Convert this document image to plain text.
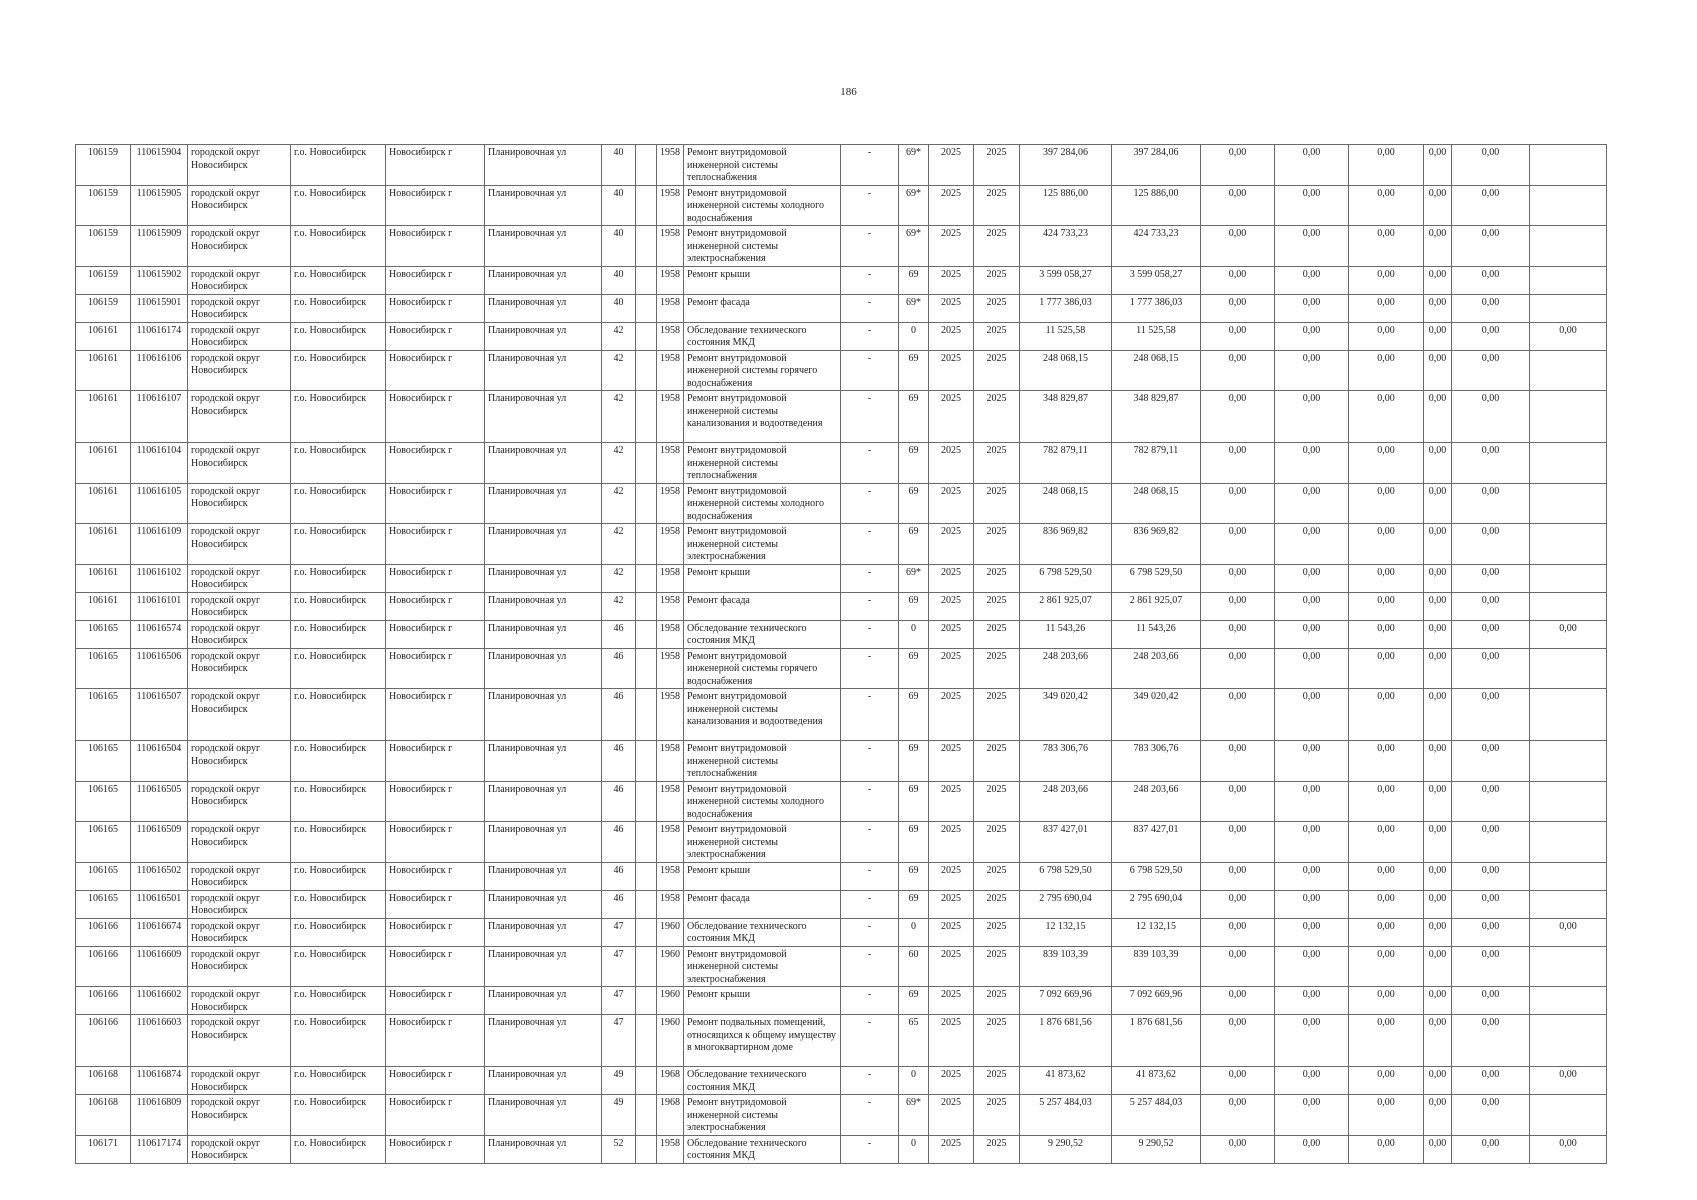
186
106159	110615904	городской округ Новосибирск	г.о. Новосибирск	Новосибирск г	Планировочная ул	40		1958	Ремонт внутридомовой инженерной системы теплоснабжения	-	69*	2025	2025	397 284,06	397 284,06	0,00	0,00	0,00	0,00	0,00	
106159	110615905	городской округ Новосибирск	г.о. Новосибирск	Новосибирск г	Планировочная ул	40		1958	Ремонт внутридомовой инженерной системы холодного водоснабжения	-	69*	2025	2025	125 886,00	125 886,00	0,00	0,00	0,00	0,00	0,00	
106159	110615909	городской округ Новосибирск	г.о. Новосибирск	Новосибирск г	Планировочная ул	40		1958	Ремонт внутридомовой инженерной системы электроснабжения	-	69*	2025	2025	424 733,23	424 733,23	0,00	0,00	0,00	0,00	0,00	
106159	110615902	городской округ Новосибирск	г.о. Новосибирск	Новосибирск г	Планировочная ул	40		1958	Ремонт крыши	-	69	2025	2025	3 599 058,27	3 599 058,27	0,00	0,00	0,00	0,00	0,00	
106159	110615901	городской округ Новосибирск	г.о. Новосибирск	Новосибирск г	Планировочная ул	40		1958	Ремонт фасада	-	69*	2025	2025	1 777 386,03	1 777 386,03	0,00	0,00	0,00	0,00	0,00	
106161	110616174	городской округ Новосибирск	г.о. Новосибирск	Новосибирск г	Планировочная ул	42		1958	Обследование технического состояния МКД	-	0	2025	2025	11 525,58	11 525,58	0,00	0,00	0,00	0,00	0,00	0,00
106161	110616106	городской округ Новосибирск	г.о. Новосибирск	Новосибирск г	Планировочная ул	42		1958	Ремонт внутридомовой инженерной системы горячего водоснабжения	-	69	2025	2025	248 068,15	248 068,15	0,00	0,00	0,00	0,00	0,00	
106161	110616107	городской округ Новосибирск	г.о. Новосибирск	Новосибирск г	Планировочная ул	42		1958	Ремонт внутридомовой инженерной системы канализования и водоотведения	-	69	2025	2025	348 829,87	348 829,87	0,00	0,00	0,00	0,00	0,00	
106161	110616104	городской округ Новосибирск	г.о. Новосибирск	Новосибирск г	Планировочная ул	42		1958	Ремонт внутридомовой инженерной системы теплоснабжения	-	69	2025	2025	782 879,11	782 879,11	0,00	0,00	0,00	0,00	0,00	
106161	110616105	городской округ Новосибирск	г.о. Новосибирск	Новосибирск г	Планировочная ул	42		1958	Ремонт внутридомовой инженерной системы холодного водоснабжения	-	69	2025	2025	248 068,15	248 068,15	0,00	0,00	0,00	0,00	0,00	
106161	110616109	городской округ Новосибирск	г.о. Новосибирск	Новосибирск г	Планировочная ул	42		1958	Ремонт внутридомовой инженерной системы электроснабжения	-	69	2025	2025	836 969,82	836 969,82	0,00	0,00	0,00	0,00	0,00	
106161	110616102	городской округ Новосибирск	г.о. Новосибирск	Новосибирск г	Планировочная ул	42		1958	Ремонт крыши	-	69*	2025	2025	6 798 529,50	6 798 529,50	0,00	0,00	0,00	0,00	0,00	
106161	110616101	городской округ Новосибирск	г.о. Новосибирск	Новосибирск г	Планировочная ул	42		1958	Ремонт фасада	-	69	2025	2025	2 861 925,07	2 861 925,07	0,00	0,00	0,00	0,00	0,00	
106165	110616574	городской округ Новосибирск	г.о. Новосибирск	Новосибирск г	Планировочная ул	46		1958	Обследование технического состояния МКД	-	0	2025	2025	11 543,26	11 543,26	0,00	0,00	0,00	0,00	0,00	0,00
106165	110616506	городской округ Новосибирск	г.о. Новосибирск	Новосибирск г	Планировочная ул	46		1958	Ремонт внутридомовой инженерной системы горячего водоснабжения	-	69	2025	2025	248 203,66	248 203,66	0,00	0,00	0,00	0,00	0,00	
106165	110616507	городской округ Новосибирск	г.о. Новосибирск	Новосибирск г	Планировочная ул	46		1958	Ремонт внутридомовой инженерной системы канализования и водоотведения	-	69	2025	2025	349 020,42	349 020,42	0,00	0,00	0,00	0,00	0,00	
106165	110616504	городской округ Новосибирск	г.о. Новосибирск	Новосибирск г	Планировочная ул	46		1958	Ремонт внутридомовой инженерной системы теплоснабжения	-	69	2025	2025	783 306,76	783 306,76	0,00	0,00	0,00	0,00	0,00	
106165	110616505	городской округ Новосибирск	г.о. Новосибирск	Новосибирск г	Планировочная ул	46		1958	Ремонт внутридомовой инженерной системы холодного водоснабжения	-	69	2025	2025	248 203,66	248 203,66	0,00	0,00	0,00	0,00	0,00	
106165	110616509	городской округ Новосибирск	г.о. Новосибирск	Новосибирск г	Планировочная ул	46		1958	Ремонт внутридомовой инженерной системы электроснабжения	-	69	2025	2025	837 427,01	837 427,01	0,00	0,00	0,00	0,00	0,00	
106165	110616502	городской округ Новосибирск	г.о. Новосибирск	Новосибирск г	Планировочная ул	46		1958	Ремонт крыши	-	69	2025	2025	6 798 529,50	6 798 529,50	0,00	0,00	0,00	0,00	0,00	
106165	110616501	городской округ Новосибирск	г.о. Новосибирск	Новосибирск г	Планировочная ул	46		1958	Ремонт фасада	-	69	2025	2025	2 795 690,04	2 795 690,04	0,00	0,00	0,00	0,00	0,00	
106166	110616674	городской округ Новосибирск	г.о. Новосибирск	Новосибирск г	Планировочная ул	47		1960	Обследование технического состояния МКД	-	0	2025	2025	12 132,15	12 132,15	0,00	0,00	0,00	0,00	0,00	0,00
106166	110616609	городской округ Новосибирск	г.о. Новосибирск	Новосибирск г	Планировочная ул	47		1960	Ремонт внутридомовой инженерной системы электроснабжения	-	60	2025	2025	839 103,39	839 103,39	0,00	0,00	0,00	0,00	0,00	
106166	110616602	городской округ Новосибирск	г.о. Новосибирск	Новосибирск г	Планировочная ул	47		1960	Ремонт крыши	-	69	2025	2025	7 092 669,96	7 092 669,96	0,00	0,00	0,00	0,00	0,00	
106166	110616603	городской округ Новосибирск	г.о. Новосибирск	Новосибирск г	Планировочная ул	47		1960	Ремонт подвальных помещений, относящихся к общему имуществу в многоквартирном доме	-	65	2025	2025	1 876 681,56	1 876 681,56	0,00	0,00	0,00	0,00	0,00	
106168	110616874	городской округ Новосибирск	г.о. Новосибирск	Новосибирск г	Планировочная ул	49		1968	Обследование технического состояния МКД	-	0	2025	2025	41 873,62	41 873,62	0,00	0,00	0,00	0,00	0,00	0,00
106168	110616809	городской округ Новосибирск	г.о. Новосибирск	Новосибирск г	Планировочная ул	49		1968	Ремонт внутридомовой инженерной системы электроснабжения	-	69*	2025	2025	5 257 484,03	5 257 484,03	0,00	0,00	0,00	0,00	0,00	
106171	110617174	городской округ Новосибирск	г.о. Новосибирск	Новосибирск г	Планировочная ул	52		1958	Обследование технического состояния МКД	-	0	2025	2025	9 290,52	9 290,52	0,00	0,00	0,00	0,00	0,00	0,00
